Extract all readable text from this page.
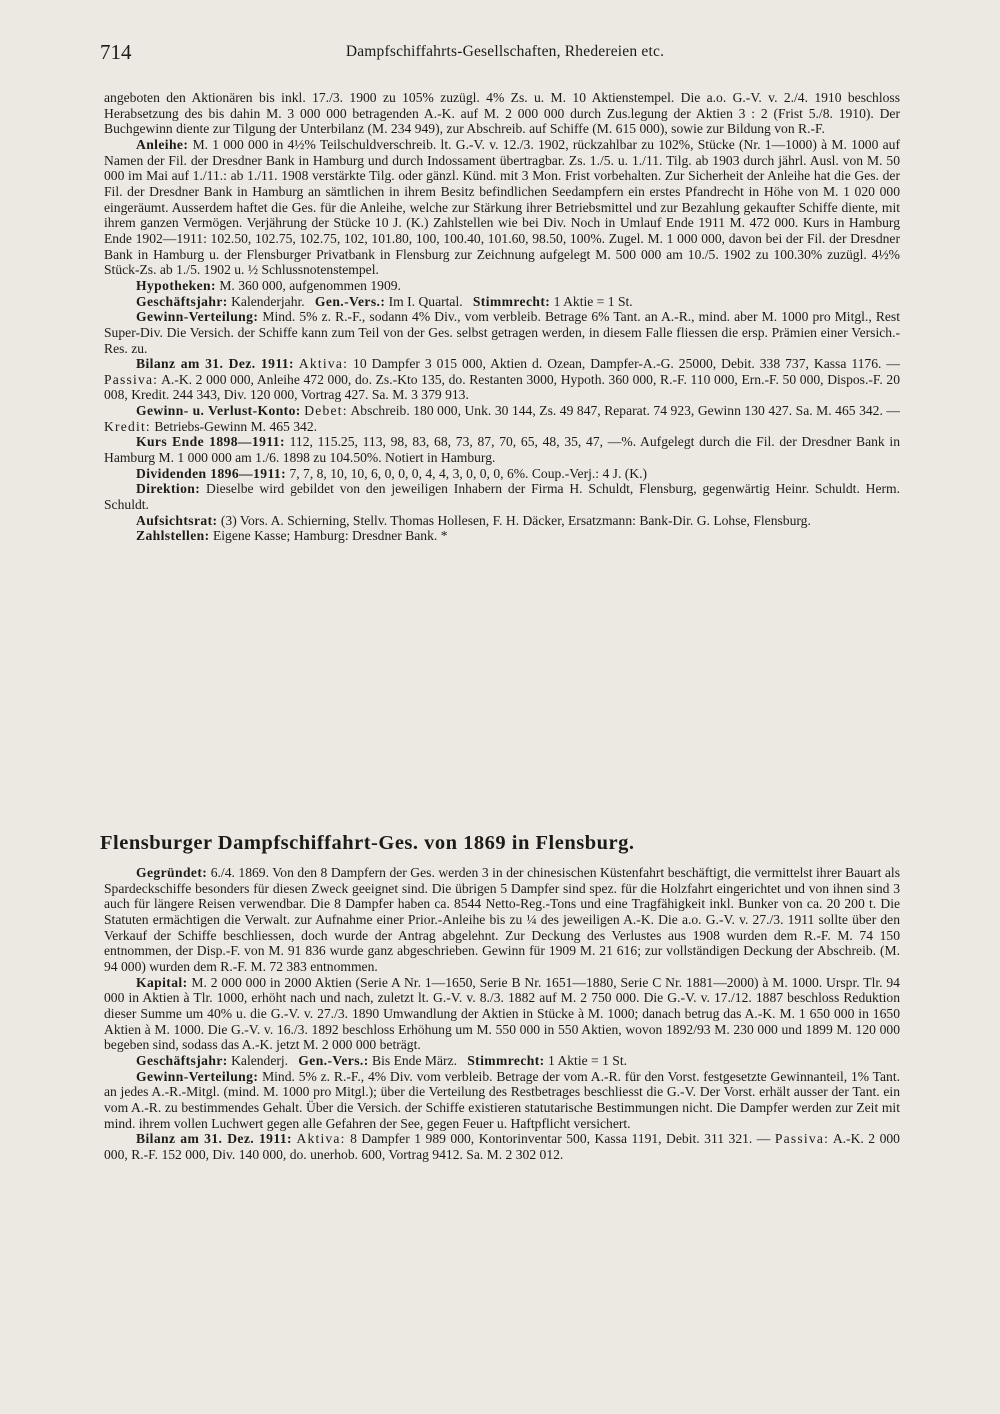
714	Dampfschiffahrts-Gesellschaften, Rhedereien etc.

angeboten den Aktionären bis inkl. 17./3. 1900 zu 105% zuzügl. 4% Zs. u. M. 10 Aktienstempel. Die a.o. G.-V. v. 2./4. 1910 beschloss Herabsetzung des bis dahin M. 3 000 000 betragenden A.-K. auf M. 2 000 000 durch Zus.legung der Aktien 3 : 2 (Frist 5./8. 1910). Der Buchgewinn diente zur Tilgung der Unterbilanz (M. 234 949), zur Abschreib. auf Schiffe (M. 615 000), sowie zur Bildung von R.-F.

Anleihe: M. 1 000 000 in 4½% Teilschuldverschreib. lt. G.-V. v. 12./3. 1902, rückzahlbar zu 102%, Stücke (Nr. 1—1000) à M. 1000 auf Namen der Fil. der Dresdner Bank in Hamburg und durch Indossament übertragbar. Zs. 1./5. u. 1./11. Tilg. ab 1903 durch jährl. Ausl. von M. 50 000 im Mai auf 1./11.: ab 1./11. 1908 verstärkte Tilg. oder gänzl. Künd. mit 3 Mon. Frist vorbehalten. Zur Sicherheit der Anleihe hat die Ges. der Fil. der Dresdner Bank in Hamburg an sämtlichen in ihrem Besitz befindlichen Seedampfern ein erstes Pfandrecht in Höhe von M. 1 020 000 eingeräumt. Ausserdem haftet die Ges. für die Anleihe, welche zur Stärkung ihrer Betriebsmittel und zur Bezahlung gekaufter Schiffe diente, mit ihrem ganzen Vermögen. Verjährung der Stücke 10 J. (K.) Zahlstellen wie bei Div. Noch in Umlauf Ende 1911 M. 472 000. Kurs in Hamburg Ende 1902—1911: 102.50, 102.75, 102.75, 102, 101.80, 100, 100.40, 101.60, 98.50, 100%. Zugel. M. 1 000 000, davon bei der Fil. der Dresdner Bank in Hamburg u. der Flensburger Privatbank in Flensburg zur Zeichnung aufgelegt M. 500 000 am 10./5. 1902 zu 100.30% zuzügl. 4½% Stück-Zs. ab 1./5. 1902 u. ½ Schlussnotenstempel.

Hypotheken: M. 360 000, aufgenommen 1909.

Geschäftsjahr: Kalenderjahr. Gen.-Vers.: Im I. Quartal. Stimmrecht: 1 Aktie = 1 St.

Gewinn-Verteilung: Mind. 5% z. R.-F., sodann 4% Div., vom verbleib. Betrage 6% Tant. an A.-R., mind. aber M. 1000 pro Mitgl., Rest Super-Div. Die Versich. der Schiffe kann zum Teil von der Ges. selbst getragen werden, in diesem Falle fliessen die ersp. Prämien einer Versich.-Res. zu.

Bilanz am 31. Dez. 1911: Aktiva: 10 Dampfer 3 015 000, Aktien d. Ozean, Dampfer-A.-G. 25000, Debit. 338 737, Kassa 1176. — Passiva: A.-K. 2 000 000, Anleihe 472 000, do. Zs.-Kto 135, do. Restanten 3000, Hypoth. 360 000, R.-F. 110 000, Ern.-F. 50 000, Dispos.-F. 20 008, Kredit. 244 343, Div. 120 000, Vortrag 427. Sa. M. 3 379 913.

Gewinn- u. Verlust-Konto: Debet: Abschreib. 180 000, Unk. 30 144, Zs. 49 847, Reparat. 74 923, Gewinn 130 427. Sa. M. 465 342. — Kredit: Betriebs-Gewinn M. 465 342.

Kurs Ende 1898—1911: 112, 115.25, 113, 98, 83, 68, 73, 87, 70, 65, 48, 35, 47, —%. Aufgelegt durch die Fil. der Dresdner Bank in Hamburg M. 1 000 000 am 1./6. 1898 zu 104.50%. Notiert in Hamburg.

Dividenden 1896—1911: 7, 7, 8, 10, 10, 6, 0, 0, 0, 4, 4, 3, 0, 0, 0, 6%. Coup.-Verj.: 4 J. (K.)

Direktion: Dieselbe wird gebildet von den jeweiligen Inhabern der Firma H. Schuldt, Flensburg, gegenwärtig Heinr. Schuldt. Herm. Schuldt.

Aufsichtsrat: (3) Vors. A. Schierning, Stellv. Thomas Hollesen, F. H. Däcker, Ersatzmann: Bank-Dir. G. Lohse, Flensburg.

Zahlstellen: Eigene Kasse; Hamburg: Dresdner Bank. *

Flensburger Dampfschiffahrt-Ges. von 1869 in Flensburg.

Gegründet: 6./4. 1869. Von den 8 Dampfern der Ges. werden 3 in der chinesischen Küstenfahrt beschäftigt, die vermittelst ihrer Bauart als Spardeckschiffe besonders für diesen Zweck geeignet sind. Die übrigen 5 Dampfer sind spez. für die Holzfahrt eingerichtet und von ihnen sind 3 auch für längere Reisen verwendbar. Die 8 Dampfer haben ca. 8544 Netto-Reg.-Tons und eine Tragfähigkeit inkl. Bunker von ca. 20 200 t. Die Statuten ermächtigen die Verwalt. zur Aufnahme einer Prior.-Anleihe bis zu ¼ des jeweiligen A.-K. Die a.o. G.-V. v. 27./3. 1911 sollte über den Verkauf der Schiffe beschliessen, doch wurde der Antrag abgelehnt. Zur Deckung des Verlustes aus 1908 wurden dem R.-F. M. 74 150 entnommen, der Disp.-F. von M. 91 836 wurde ganz abgeschrieben. Gewinn für 1909 M. 21 616; zur vollständigen Deckung der Abschreib. (M. 94 000) wurden dem R.-F. M. 72 383 entnommen.

Kapital: M. 2 000 000 in 2000 Aktien (Serie A Nr. 1—1650, Serie B Nr. 1651—1880, Serie C Nr. 1881—2000) à M. 1000. Urspr. Tlr. 94 000 in Aktien à Tlr. 1000, erhöht nach und nach, zuletzt lt. G.-V. v. 8./3. 1882 auf M. 2 750 000. Die G.-V. v. 17./12. 1887 beschloss Reduktion dieser Summe um 40% u. die G.-V. v. 27./3. 1890 Umwandlung der Aktien in Stücke à M. 1000; danach betrug das A.-K. M. 1 650 000 in 1650 Aktien à M. 1000. Die G.-V. v. 16./3. 1892 beschloss Erhöhung um M. 550 000 in 550 Aktien, wovon 1892/93 M. 230 000 und 1899 M. 120 000 begeben sind, sodass das A.-K. jetzt M. 2 000 000 beträgt.

Geschäftsjahr: Kalenderj. Gen.-Vers.: Bis Ende März. Stimmrecht: 1 Aktie = 1 St.

Gewinn-Verteilung: Mind. 5% z. R.-F., 4% Div. vom verbleib. Betrage der vom A.-R. für den Vorst. festgesetzte Gewinnanteil, 1% Tant. an jedes A.-R.-Mitgl. (mind. M. 1000 pro Mitgl.); über die Verteilung des Restbetrages beschliesst die G.-V. Der Vorst. erhält ausser der Tant. ein vom A.-R. zu bestimmendes Gehalt. Über die Versich. der Schiffe existieren statutarische Bestimmungen nicht. Die Dampfer werden zur Zeit mit mind. ihrem vollen Luchwert gegen alle Gefahren der See, gegen Feuer u. Haftpflicht versichert.

Bilanz am 31. Dez. 1911: Aktiva: 8 Dampfer 1 989 000, Kontorinventar 500, Kassa 1191, Debit. 311 321. — Passiva: A.-K. 2 000 000, R.-F. 152 000, Div. 140 000, do. unerhob. 600, Vortrag 9412. Sa. M. 2 302 012.
